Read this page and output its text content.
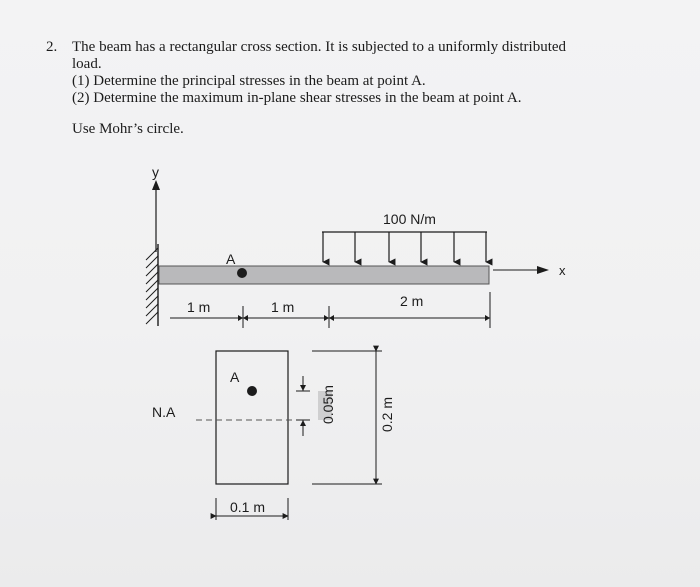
2. The beam has a rectangular cross section. It is subjected to a uniformly distributed
load.
(1) Determine the principal stresses in the beam at point A.
(2) Determine the maximum in-plane shear stresses in the beam at point A.
Use Mohr’s circle.
y
x
A
100 N/m
1 m	1 m	2 m
N.A
A
0.05m	0.2 m
0.1 m
